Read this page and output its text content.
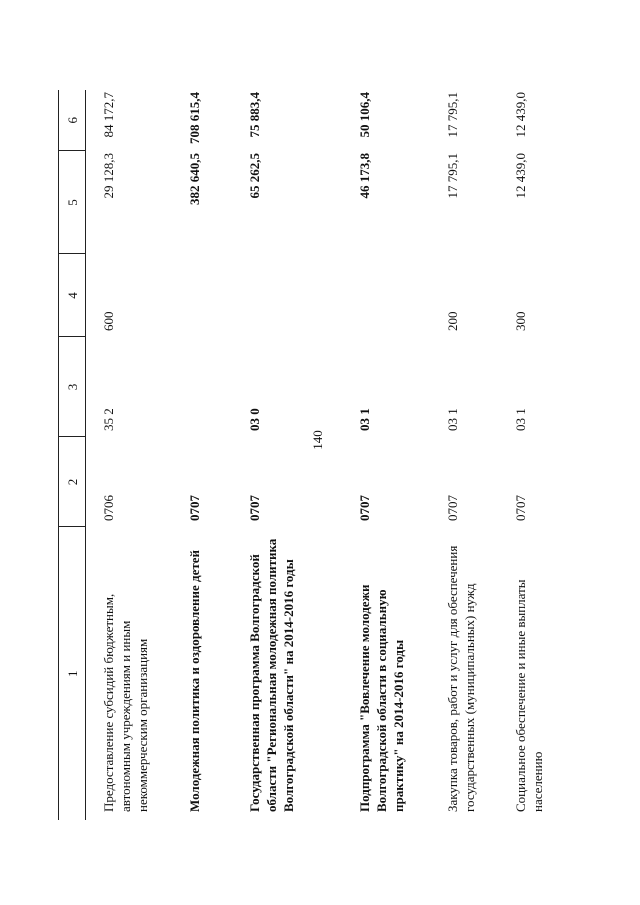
140
1	2	3	4	5	6
Предоставление субсидий бюджетным, автономным учреждениям и иным некоммерческим организациям	0706	35 2	600	29 128,3	84 172,7
Молодежная политика и оздоровление детей	0707			382 640,5	708 615,4
Государственная программа Волгоградской области "Региональная молодежная политика Волгоградской области" на 2014-2016 годы	0707	03 0		65 262,5	75 883,4
Подпрограмма "Вовлечение молодежи Волгоградской области в социальную практику" на 2014-2016 годы	0707	03 1		46 173,8	50 106,4
Закупка товаров, работ и услуг для обеспечения государственных (муниципальных) нужд	0707	03 1	200	17 795,1	17 795,1
Социальное обеспечение и иные выплаты населению	0707	03 1	300	12 439,0	12 439,0
